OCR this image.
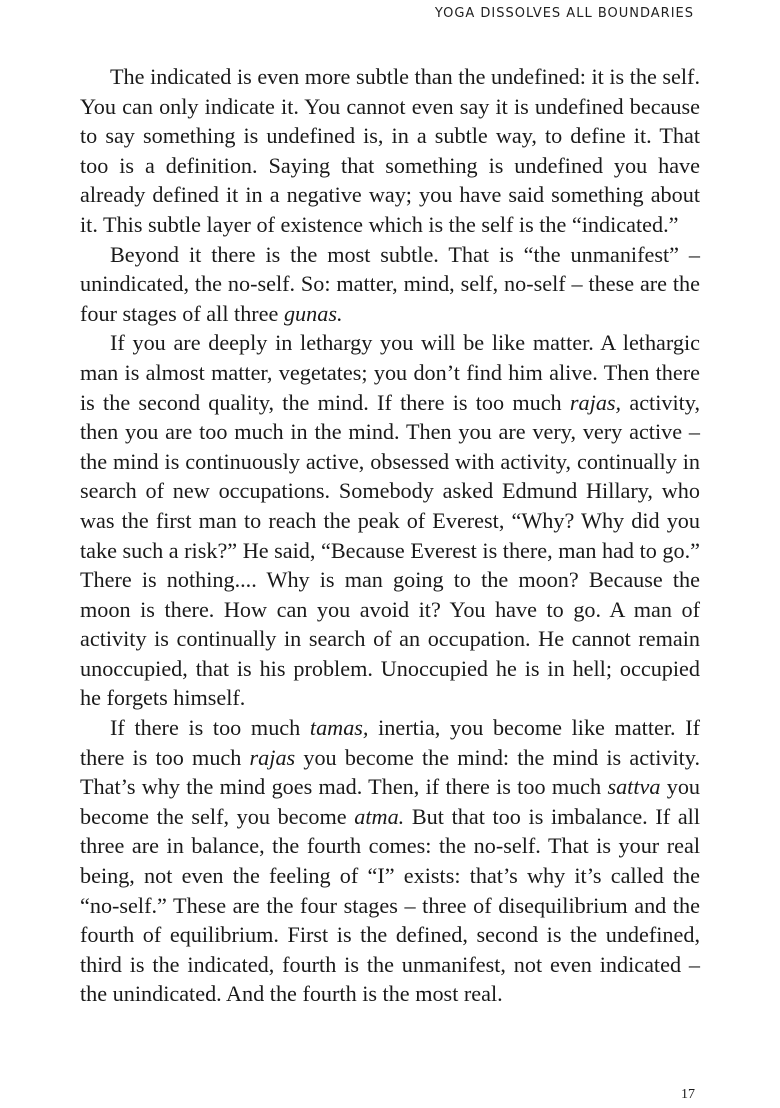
YOGA DISSOLVES ALL BOUNDARIES

The indicated is even more subtle than the undefined: it is the self. You can only indicate it. You cannot even say it is undefined because to say something is undefined is, in a subtle way, to define it. That too is a definition. Saying that something is undefined you have already defined it in a negative way; you have said something about it. This subtle layer of existence which is the self is the “indicated.”

Beyond it there is the most subtle. That is “the unmanifest” – unindicated, the no-self. So: matter, mind, self, no-self – these are the four stages of all three gunas.

If you are deeply in lethargy you will be like matter. A lethargic man is almost matter, vegetates; you don’t find him alive. Then there is the second quality, the mind. If there is too much rajas, activity, then you are too much in the mind. Then you are very, very active – the mind is continuously active, obsessed with activity, continually in search of new occupations. Somebody asked Edmund Hillary, who was the first man to reach the peak of Everest, “Why? Why did you take such a risk?” He said, “Because Everest is there, man had to go.” There is nothing.... Why is man going to the moon? Because the moon is there. How can you avoid it? You have to go. A man of activity is continually in search of an occupation. He cannot remain unoccupied, that is his problem. Unoccupied he is in hell; occupied he forgets himself.

If there is too much tamas, inertia, you become like matter. If there is too much rajas you become the mind: the mind is activity. That’s why the mind goes mad. Then, if there is too much sattva you become the self, you become atma. But that too is imbalance. If all three are in balance, the fourth comes: the no-self. That is your real being, not even the feeling of “I” exists: that’s why it’s called the “no-self.” These are the four stages – three of disequilibrium and the fourth of equilibrium. First is the defined, second is the undefined, third is the indicated, fourth is the unmanifest, not even indicated – the unindicated. And the fourth is the most real.

17
